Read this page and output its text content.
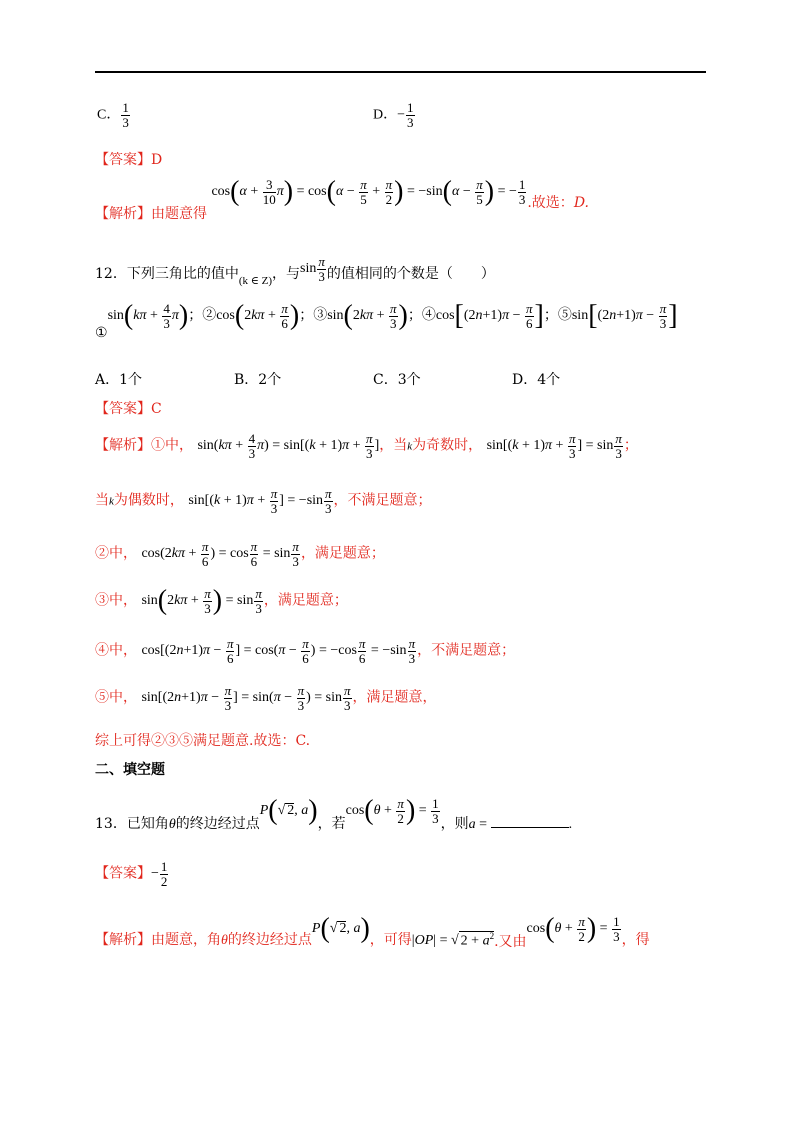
C． $\frac{1}{3}$	D．− $\frac{1}{3}$
【答案】D
【解析】由题意得 $\cos(\alpha + \frac{3}{10} \pi) = \cos(\alpha - \frac{\pi}{5} + \frac{\pi}{2}$ ) = $-\sin(\alpha - \frac{\pi}{5}$ ) = − $\frac{1}{3}$ .故选：D.
12．下列三角比的值中$_{(k \in Z)}$，与$\sin \frac{\pi}{3}$ 的值相同的个数是（　　）
①sin(kπ + $\frac{4}{3} \pi$)；②cos(2kπ + $\frac{\pi}{6}$ )；③sin(2kπ + $\frac{\pi}{3}$ )；④cos[(2n+1)π − $\frac{\pi}{6}$ ]；⑤sin[(2n+1)π − $\frac{\pi}{3}$ ]
A．1个	B．2个	C．3个	D．4个
【答案】C
【解析】①中， $\sin(k\pi + \frac{4}{3} \pi) = \sin[(k + 1)\pi + \frac{\pi}{3}$ ]，当k为奇数时， $\sin[(k + 1)\pi + \frac{\pi}{3}$ ] = $\sin \frac{\pi}{3}$ ；
当k为偶数时， $\sin[(k + 1)\pi + \frac{\pi}{3}$ ] = $-\sin \frac{\pi}{3}$ ，不满足题意；
②中， $\cos(2k\pi + \frac{\pi}{6}$ ) = $\cos \frac{\pi}{6} = \sin \frac{\pi}{3}$ ，满足题意；
③中， $\sin(2k\pi + \frac{\pi}{3}$ ) = $\sin \frac{\pi}{3}$ ，满足题意；
④中， $\cos[(2n+1)\pi - \frac{\pi}{6}$ ] = $\cos(\pi - \frac{\pi}{6}$ ) = $-\cos \frac{\pi}{6} = -\sin \frac{\pi}{3}$ ，不满足题意；
⑤中， $\sin[(2n+1)\pi - \frac{\pi}{3}$ ] = $\sin(\pi - \frac{\pi}{3}$ ) = $\sin \frac{\pi}{3}$ ，满足题意，
综上可得②③⑤满足题意.故选：C.
二、填空题
13．已知角θ的终边经过点P(√ 2, a)，若$\cos(\theta + \frac{\pi}{2}$ ) = $\frac{1}{3}$ ，则a =	.
【答案】− $\frac{1}{2}$
【解析】由题意，角θ的终边经过点P(√ 2, a)，可得|OP| = √ $2 + a^2$.又由$\cos(\theta + \frac{\pi}{2}$ ) = $\frac{1}{3}$ ，得
